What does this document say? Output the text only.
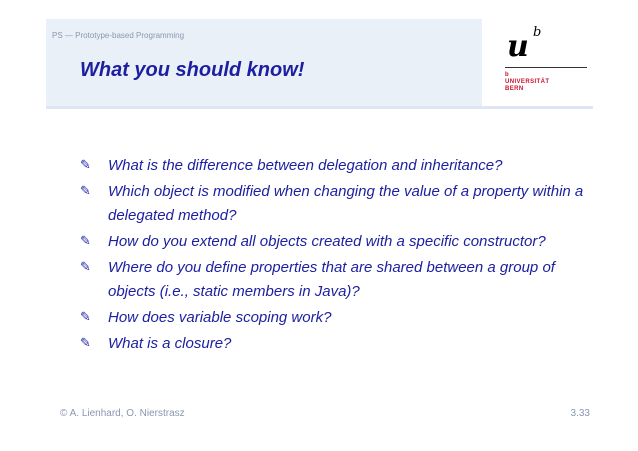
PS — Prototype-based Programming
What you should know!
u b
b
UNIVERSITÄT
BERN
✎ What is the difference between delegation and inheritance?
✎ Which object is modified when changing the value of a property within a delegated method?
✎ How do you extend all objects created with a specific constructor?
✎ Where do you define properties that are shared between a group of objects (i.e., static members in Java)?
✎ How does variable scoping work?
✎ What is a closure?
© A. Lienhard, O. Nierstrasz	3.33
